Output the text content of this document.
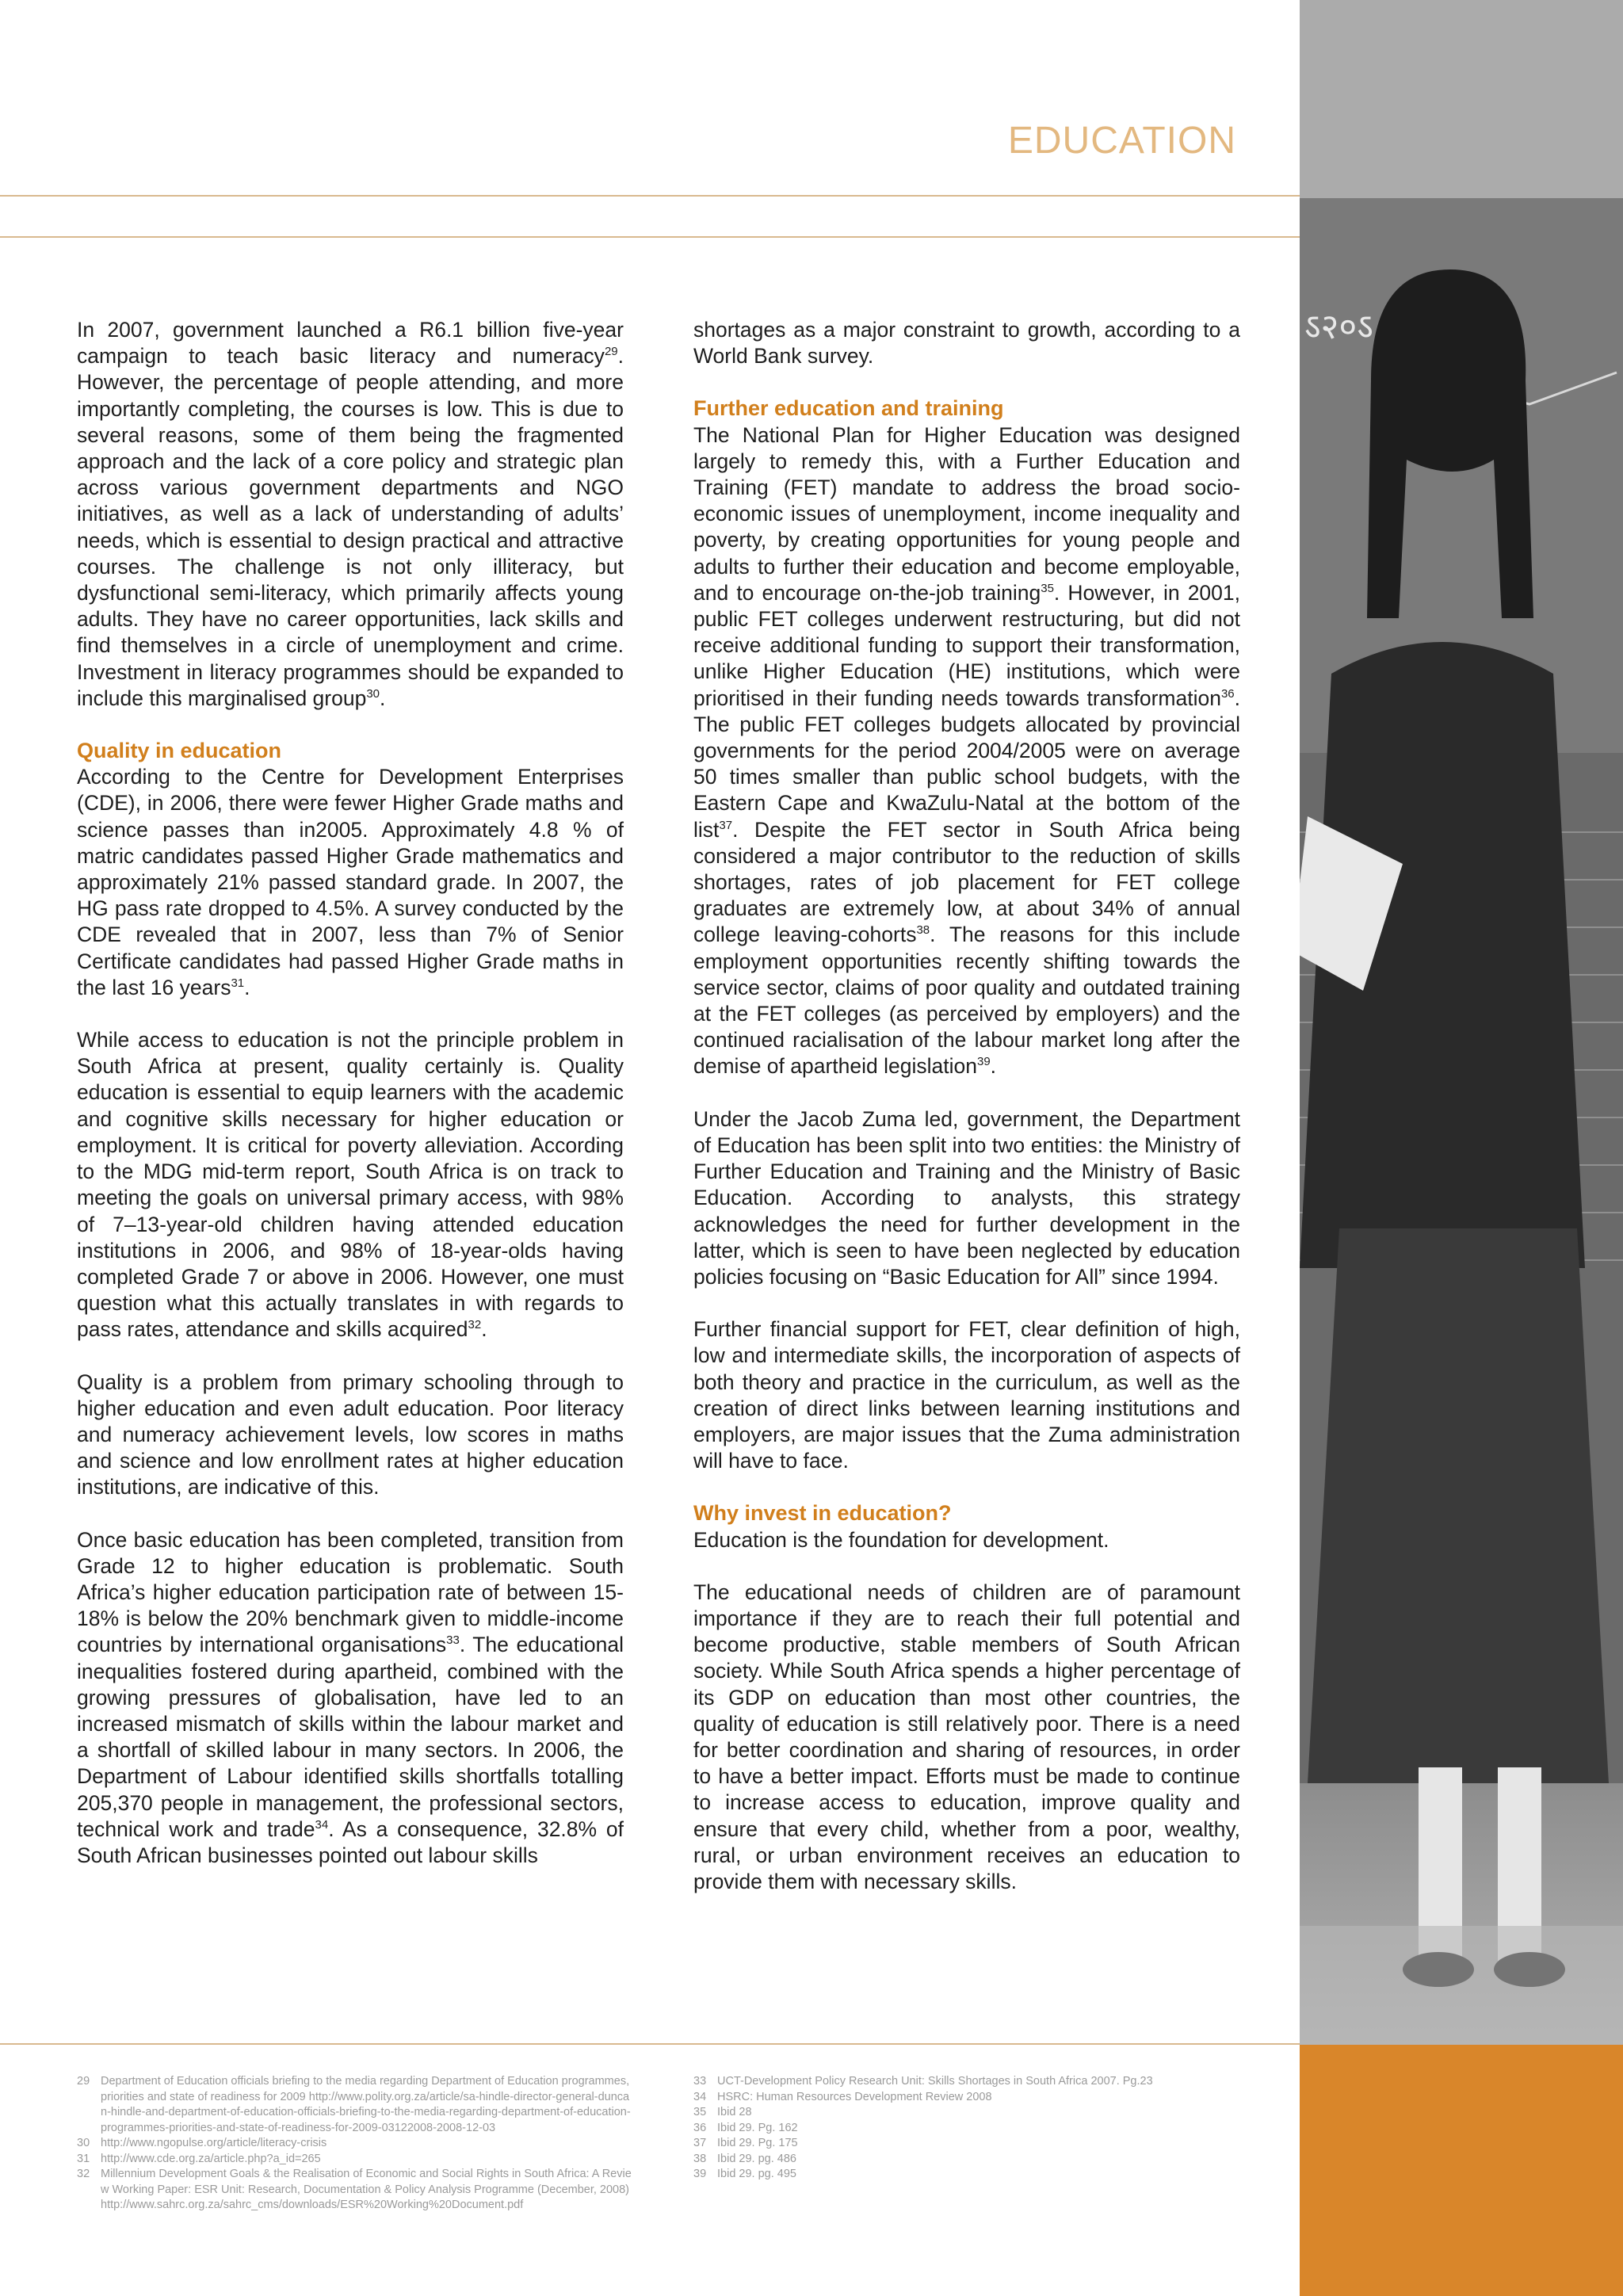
ऽ२०ऽ
EDUCATION

In 2007, government launched a R6.1 billion five-year campaign to teach basic literacy and numeracy$^{29}$. However, the percentage of people attending, and more importantly completing, the courses is low. This is due to several reasons, some of them being the fragmented approach and the lack of a core policy and strategic plan across various government departments and NGO initiatives, as well as a lack of understanding of adults’ needs, which is essential to design practical and attractive courses. The challenge is not only illiteracy, but dysfunctional semi-literacy, which primarily affects young adults. They have no career opportunities, lack skills and find themselves in a circle of unemployment and crime. Investment in literacy programmes should be expanded to include this marginalised group$^{30}$.

Quality in education

According to the Centre for Development Enterprises (CDE), in 2006, there were fewer Higher Grade maths and science passes than in2005. Approximately 4.8 % of matric candidates passed Higher Grade mathematics and approximately 21% passed standard grade. In 2007, the HG pass rate dropped to 4.5%. A survey conducted by the CDE revealed that in 2007, less than 7% of Senior Certificate candidates had passed Higher Grade maths in the last 16 years$^{31}$.

While access to education is not the principle problem in South Africa at present, quality certainly is. Quality education is essential to equip learners with the academic and cognitive skills necessary for higher education or employment. It is critical for poverty alleviation. According to the MDG mid-term report, South Africa is on track to meeting the goals on universal primary access, with 98% of 7–13-year-old children having attended education institutions in 2006, and 98% of 18-year-olds having completed Grade 7 or above in 2006. However, one must question what this actually translates in with regards to pass rates, attendance and skills acquired$^{32}$.

Quality is a problem from primary schooling through to higher education and even adult education. Poor literacy and numeracy achievement levels, low scores in maths and science and low enrollment rates at higher education institutions, are indicative of this.

Once basic education has been completed, transition from Grade 12 to higher education is problematic. South Africa’s higher education participation rate of between 15-18% is below the 20% benchmark given to middle-income countries by international organisations$^{33}$. The educational inequalities fostered during apartheid, combined with the growing pressures of globalisation, have led to an increased mismatch of skills within the labour market and a shortfall of skilled labour in many sectors. In 2006, the Department of Labour identified skills shortfalls totalling 205,370 people in management, the professional sectors, technical work and trade$^{34}$. As a consequence, 32.8% of South African businesses pointed out labour skills

shortages as a major constraint to growth, according to a World Bank survey.

Further education and training

The National Plan for Higher Education was designed largely to remedy this, with a Further Education and Training (FET) mandate to address the broad socio-economic issues of unemployment, income inequality and poverty, by creating opportunities for young people and adults to further their education and become employable, and to encourage on-the-job training$^{35}$. However, in 2001, public FET colleges underwent restructuring, but did not receive additional funding to support their transformation, unlike Higher Education (HE) institutions, which were prioritised in their funding needs towards transformation$^{36}$. The public FET colleges budgets allocated by provincial governments for the period 2004/2005 were on average 50 times smaller than public school budgets, with the Eastern Cape and KwaZulu-Natal at the bottom of the list$^{37}$. Despite the FET sector in South Africa being considered a major contributor to the reduction of skills shortages, rates of job placement for FET college graduates are extremely low, at about 34% of annual college leaving-cohorts$^{38}$. The reasons for this include employment opportunities recently shifting towards the service sector, claims of poor quality and outdated training at the FET colleges (as perceived by employers) and the continued racialisation of the labour market long after the demise of apartheid legislation$^{39}$.

Under the Jacob Zuma led, government, the Department of Education has been split into two entities: the Ministry of Further Education and Training and the Ministry of Basic Education. According to analysts, this strategy acknowledges the need for further development in the latter, which is seen to have been neglected by education policies focusing on “Basic Education for All” since 1994.

Further financial support for FET, clear definition of high, low and intermediate skills, the incorporation of aspects of both theory and practice in the curriculum, as well as the creation of direct links between learning institutions and employers, are major issues that the Zuma administration will have to face.

Why invest in education?

Education is the foundation for development.

The educational needs of children are of paramount importance if they are to reach their full potential and become productive, stable members of South African society. While South Africa spends a higher percentage of its GDP on education than most other countries, the quality of education is still relatively poor. There is a need for better coordination and sharing of resources, in order to have a better impact. Efforts must be made to continue to increase access to education, improve quality and ensure that every child, whether from a poor, wealthy, rural, or urban environment receives an education to provide them with necessary skills.

29 Department of Education officials briefing to the media regarding Department of Education programmes, priorities and state of readiness for 2009 http://www.polity.org.za/article/sa-hindle-director-general-duncan-hindle-and-department-of-education-officials-briefing-to-the-media-regarding-department-of-education-programmes-priorities-and-state-of-readiness-for-2009-03122008-2008-12-03
30 http://www.ngopulse.org/article/literacy-crisis
31 http://www.cde.org.za/article.php?a_id=265
32 Millennium Development Goals & the Realisation of Economic and Social Rights in South Africa: A Review Working Paper: ESR Unit: Research, Documentation & Policy Analysis Programme (December, 2008) http://www.sahrc.org.za/sahrc_cms/downloads/ESR%20Working%20Document.pdf
33 UCT-Development Policy Research Unit: Skills Shortages in South Africa 2007. Pg.23
34 HSRC: Human Resources Development Review 2008
35 Ibid 28
36 Ibid 29. Pg. 162
37 Ibid 29. Pg. 175
38 Ibid 29. pg. 486
39 Ibid 29. pg. 495
